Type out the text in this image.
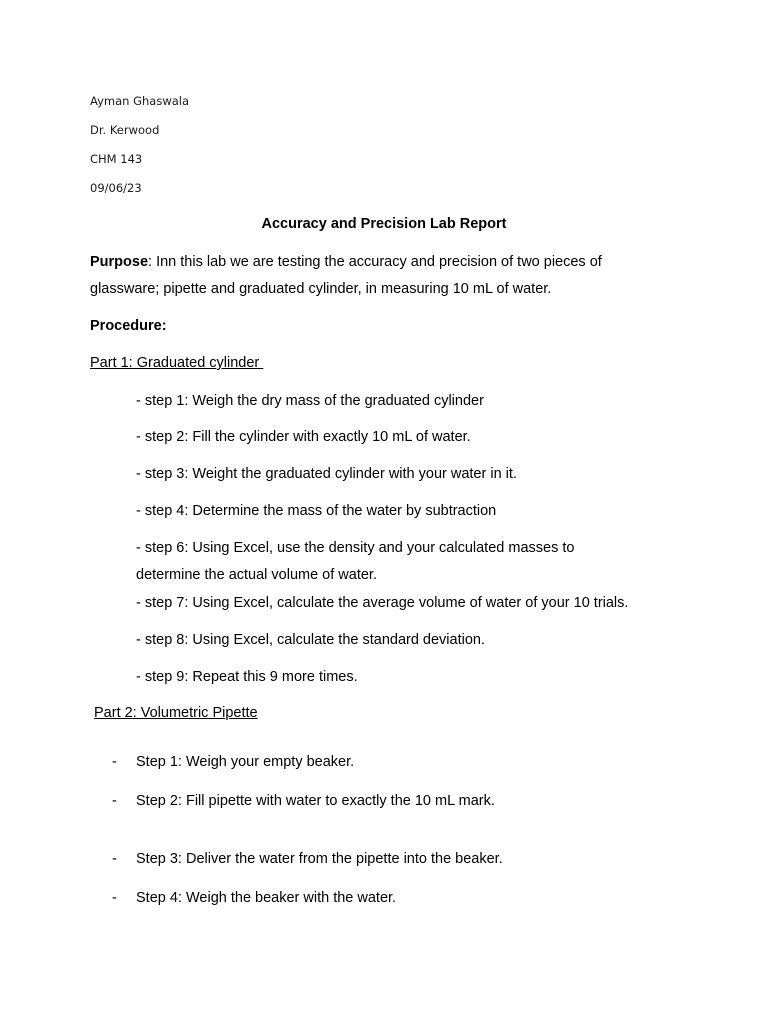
Ayman Ghaswala
Dr. Kerwood
CHM 143
09/06/23
Accuracy and Precision Lab Report
Purpose: Inn this lab we are testing the accuracy and precision of two pieces of glassware; pipette and graduated cylinder, in measuring 10 mL of water.
Procedure:
Part 1: Graduated cylinder
- step 1: Weigh the dry mass of the graduated cylinder
- step 2: Fill the cylinder with exactly 10 mL of water.
- step 3: Weight the graduated cylinder with your water in it.
- step 4: Determine the mass of the water by subtraction
- step 6: Using Excel, use the density and your calculated masses to determine the actual volume of water.
- step 7: Using Excel, calculate the average volume of water of your 10 trials.
- step 8: Using Excel, calculate the standard deviation.
- step 9: Repeat this 9 more times.
Part 2: Volumetric Pipette
- Step 1: Weigh your empty beaker.
- Step 2: Fill pipette with water to exactly the 10 mL mark.
- Step 3: Deliver the water from the pipette into the beaker.
- Step 4: Weigh the beaker with the water.
